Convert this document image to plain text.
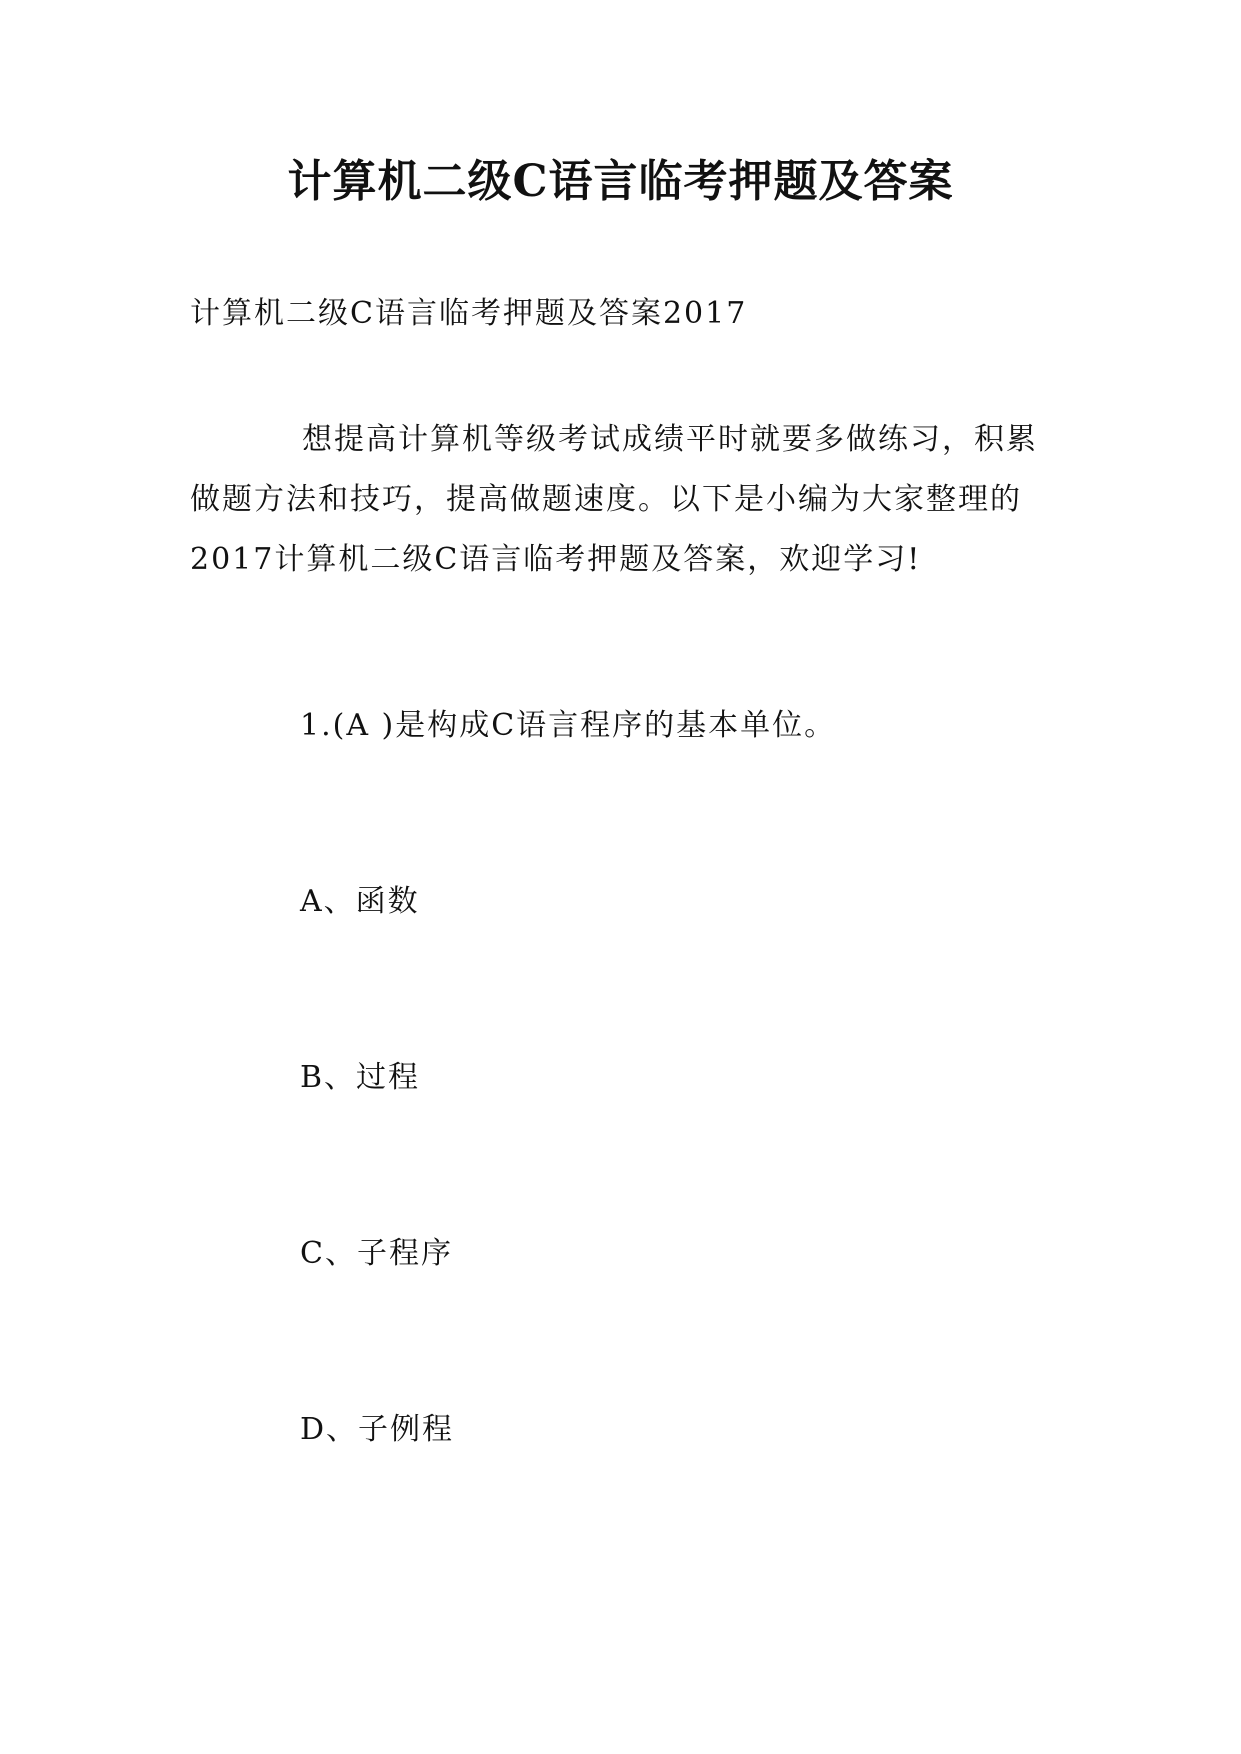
计算机二级C语言临考押题及答案
计算机二级C语言临考押题及答案2017
想提高计算机等级考试成绩平时就要多做练习，积累
做题方法和技巧，提高做题速度。以下是小编为大家整理的
2017计算机二级C语言临考押题及答案，欢迎学习!
1.(A )是构成C语言程序的基本单位。
A、函数
B、过程
C、子程序
D、子例程
